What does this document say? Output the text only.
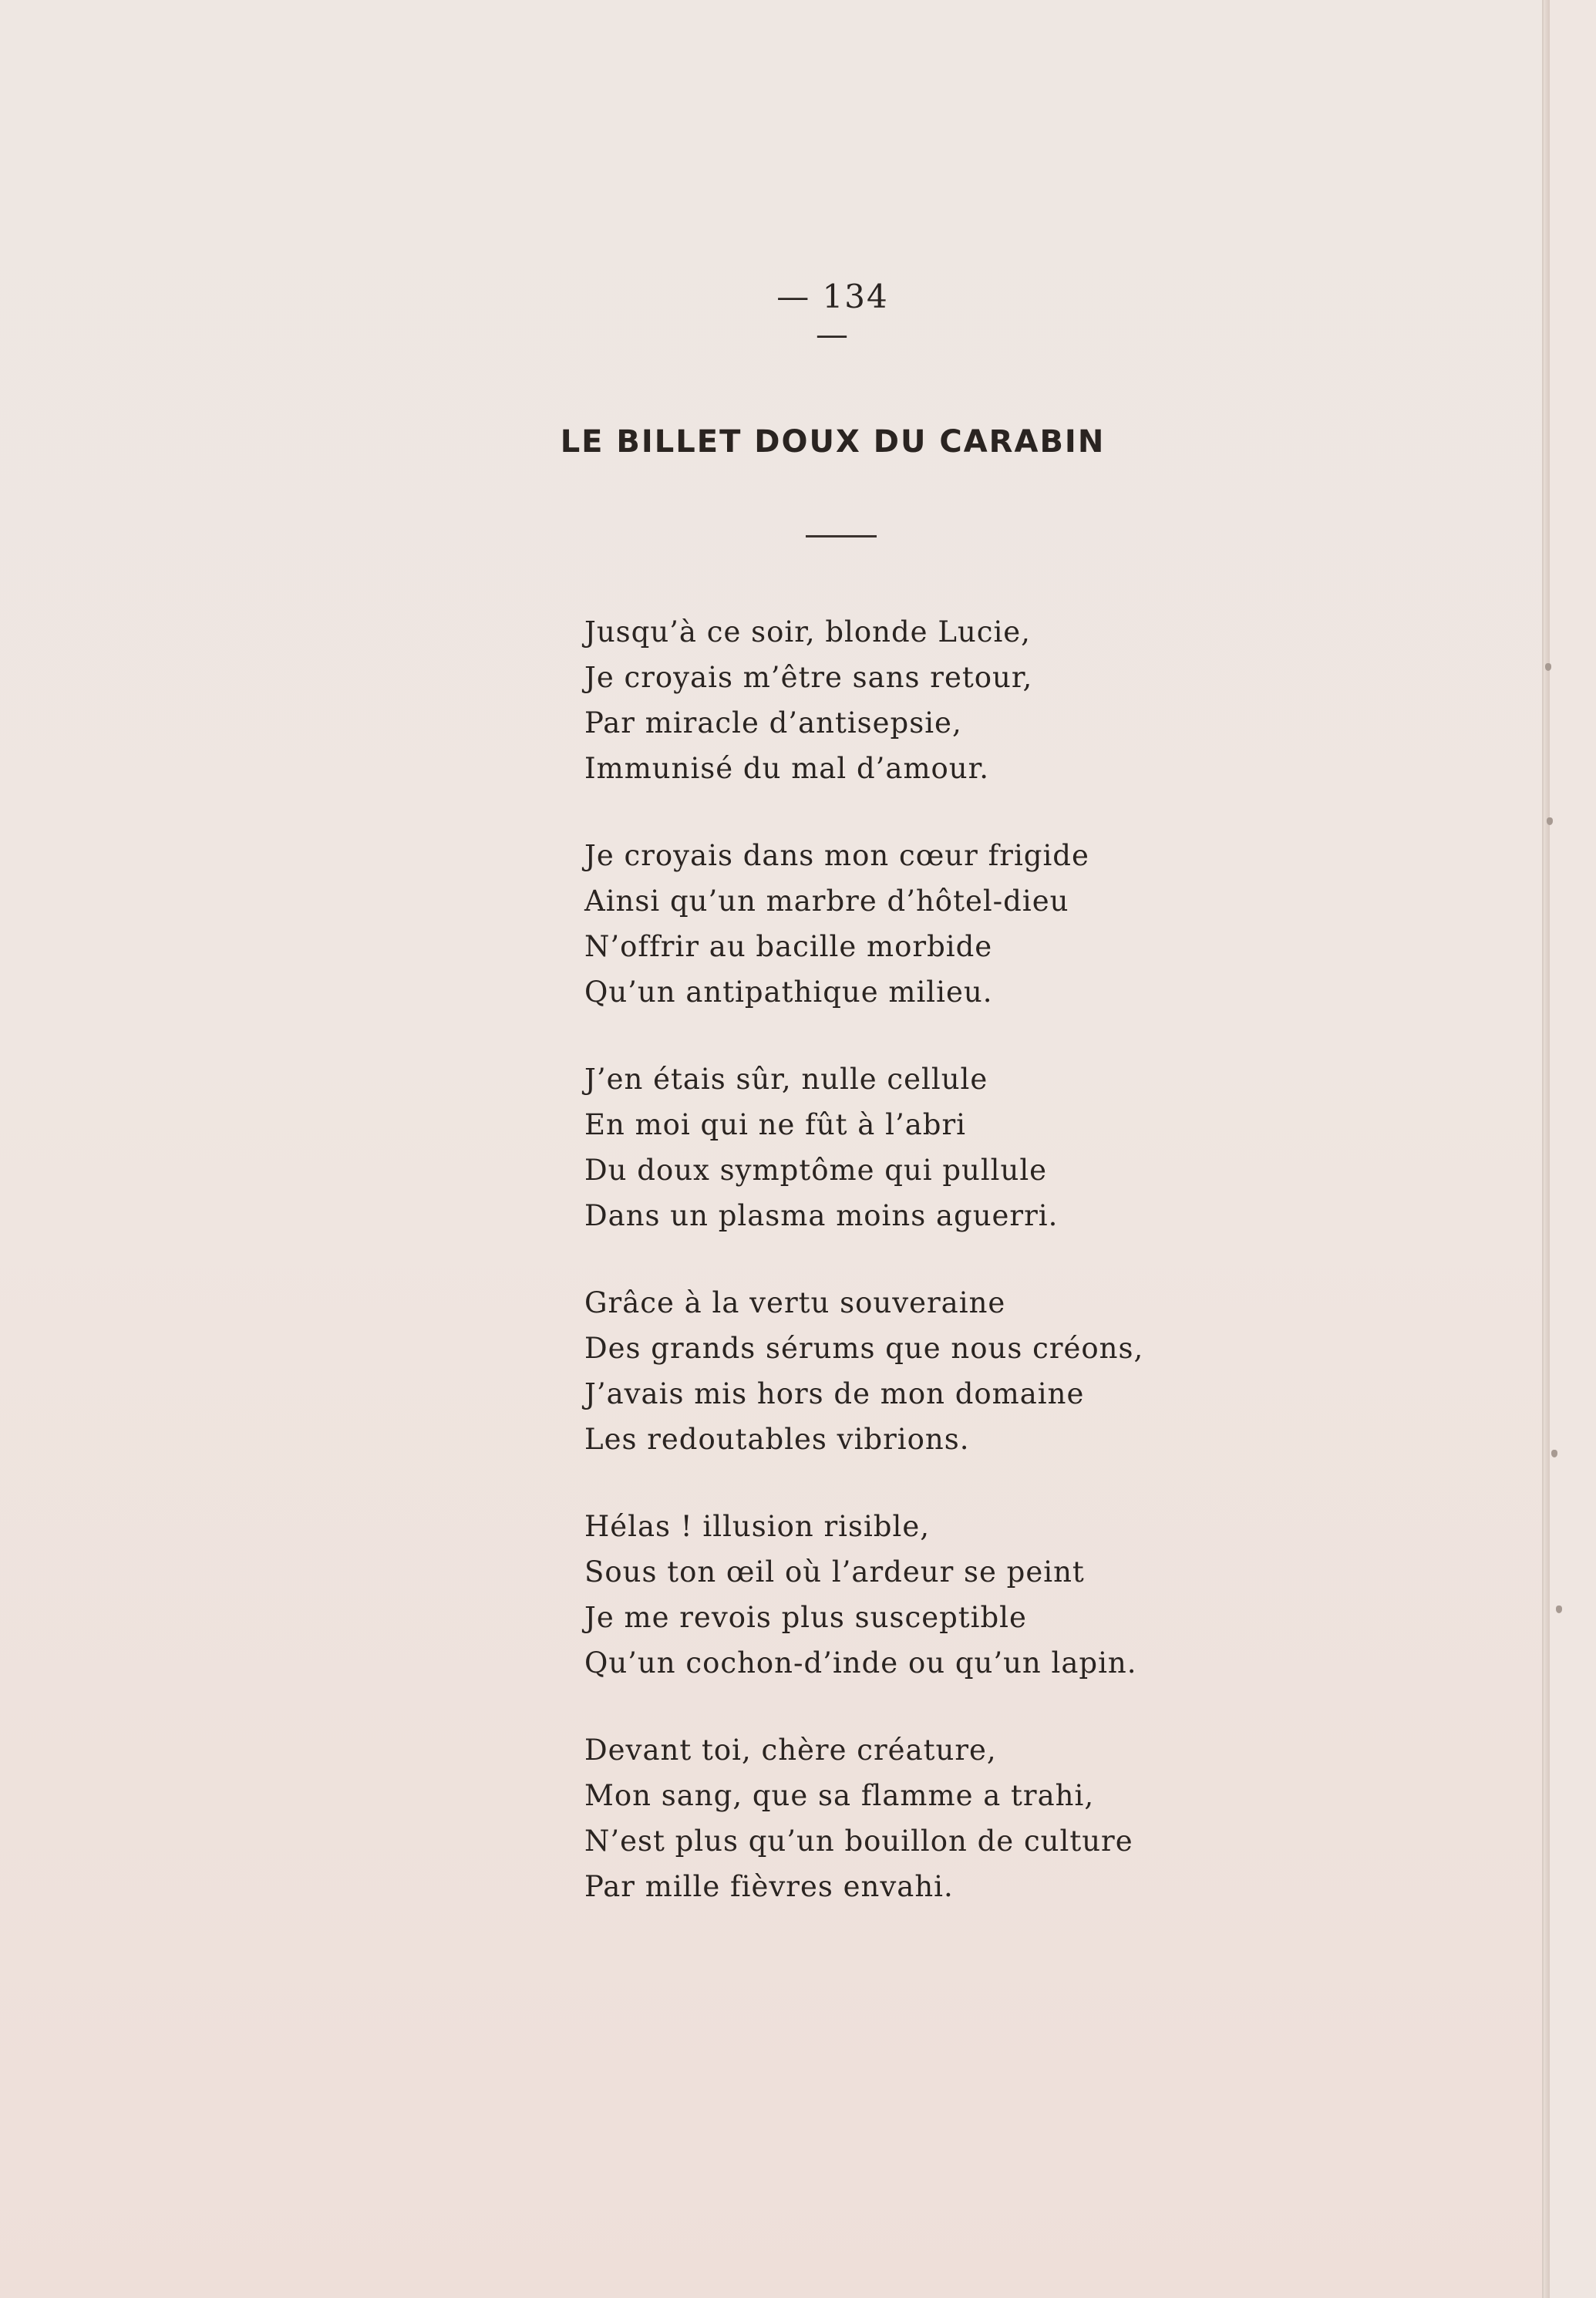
— 134 —
LE BILLET DOUX DU CARABIN
Jusqu’à ce soir, blonde Lucie,
Je croyais m’être sans retour,
Par miracle d’antisepsie,
Immunisé du mal d’amour.
Je croyais dans mon cœur frigide
Ainsi qu’un marbre d’hôtel-dieu
N’offrir au bacille morbide
Qu’un antipathique milieu.
J’en étais sûr, nulle cellule
En moi qui ne fût à l’abri
Du doux symptôme qui pullule
Dans un plasma moins aguerri.
Grâce à la vertu souveraine
Des grands sérums que nous créons,
J’avais mis hors de mon domaine
Les redoutables vibrions.
Hélas ! illusion risible,
Sous ton œil où l’ardeur se peint
Je me revois plus susceptible
Qu’un cochon-d’inde ou qu’un lapin.
Devant toi, chère créature,
Mon sang, que sa flamme a trahi,
N’est plus qu’un bouillon de culture
Par mille fièvres envahi.
